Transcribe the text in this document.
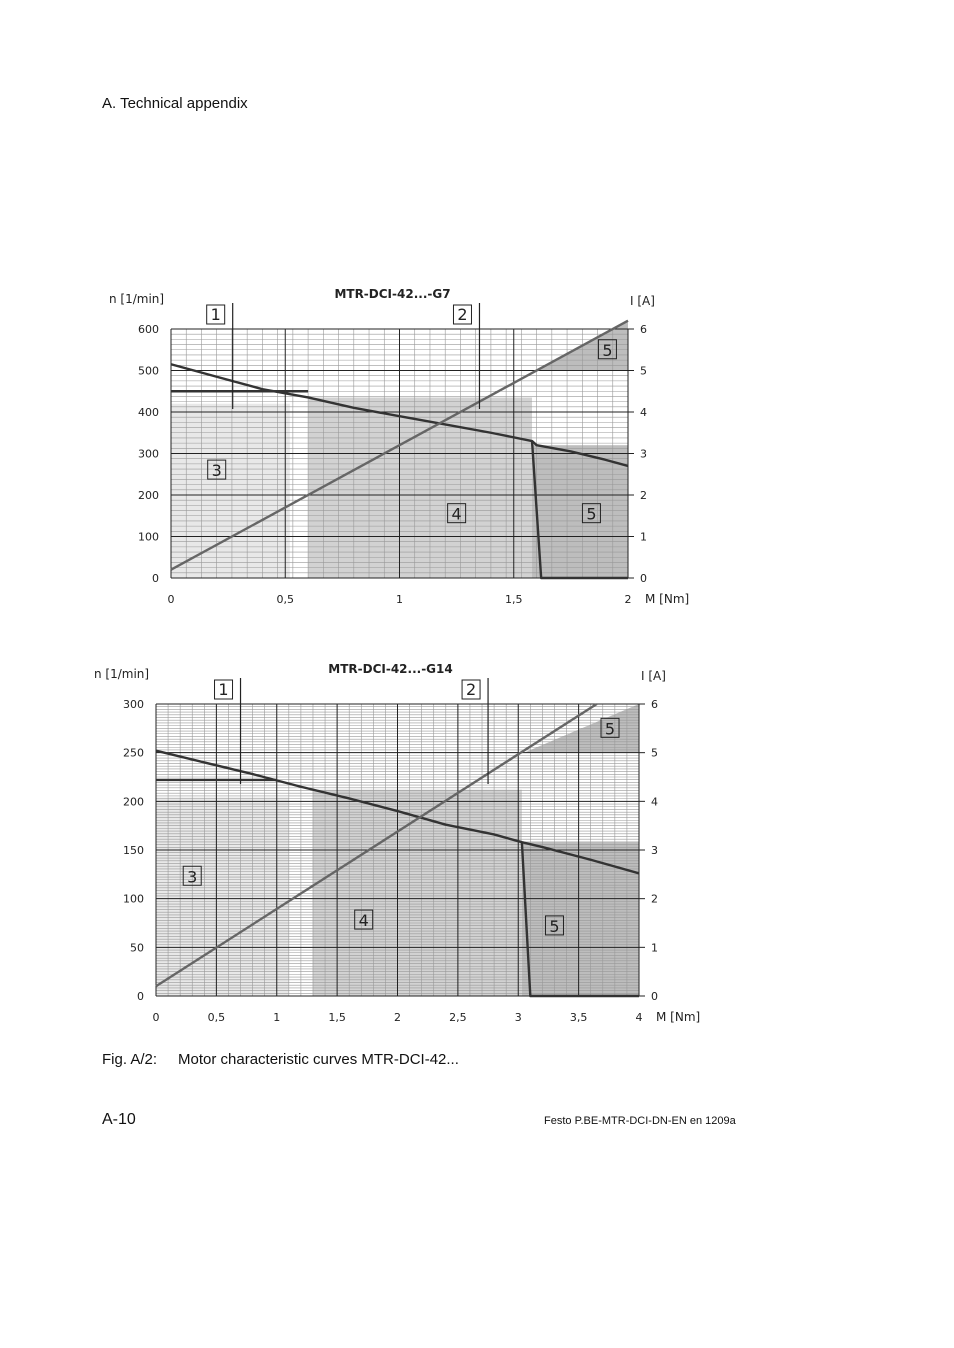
A. Technical appendix
1	2
3
4	5
5
0	0,5	1	1,5	2
0
100
200
300
400
500
600
0
1
2
3
4
5
6
n [1/min]	I [A]
M [Nm]
MTR-DCI-42...-G7
1	2
3
4	5
5
0	0,5	1	1,5	2	2,5	3	3,5	4
0
50
100
150
200
250
300
0
1
2
3
4
5
6
n [1/min]	I [A]
M [Nm]
MTR-DCI-42...-G14
Fig. A/2: Motor characteristic curves MTR-DCI-42...
A-10	Festo P.BE-MTR-DCI-DN-EN en 1209a
